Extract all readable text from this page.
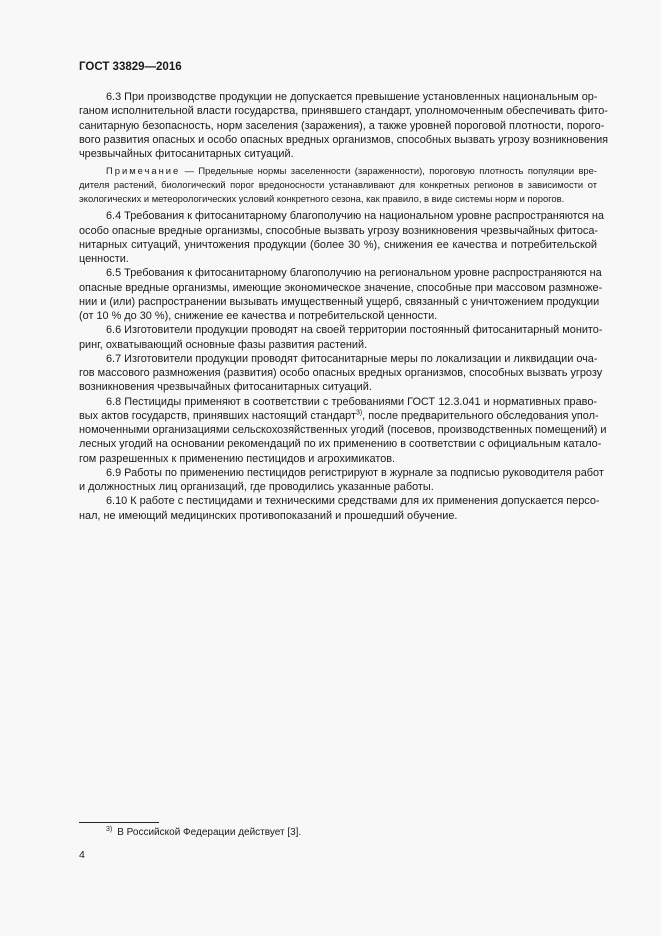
ГОСТ 33829—2016
6.3 При производстве продукции не допускается превышение установленных национальным ор-
ганом исполнительной власти государства, принявшего стандарт, уполномоченным обеспечивать фито-
санитарную безопасность, норм заселения (заражения), а также уровней пороговой плотности, порого-
вого развития опасных и особо опасных вредных организмов, способных вызвать угрозу возникновения
чрезвычайных фитосанитарных ситуаций.
Примечание — Предельные нормы заселенности (зараженности), пороговую плотность популяции вре-
дителя растений, биологический порог вредоносности устанавливают для конкретных регионов в зависимости от
экологических и метеорологических условий конкретного сезона, как правило, в виде системы норм и порогов.
6.4 Требования к фитосанитарному благополучию на национальном уровне распространяются на
особо опасные вредные организмы, способные вызвать угрозу возникновения чрезвычайных фитоса-
нитарных ситуаций, уничтожения продукции (более 30 %), снижения ее качества и потребительской
ценности.
6.5 Требования к фитосанитарному благополучию на региональном уровне распространяются на
опасные вредные организмы, имеющие экономическое значение, способные при массовом размноже-
нии и (или) распространении вызывать имущественный ущерб, связанный с уничтожением продукции
(от 10 % до 30 %), снижение ее качества и потребительской ценности.
6.6 Изготовители продукции проводят на своей территории постоянный фитосанитарный монито-
ринг, охватывающий основные фазы развития растений.
6.7 Изготовители продукции проводят фитосанитарные меры по локализации и ликвидации оча-
гов массового размножения (развития) особо опасных вредных организмов, способных вызвать угрозу
возникновения чрезвычайных фитосанитарных ситуаций.
6.8 Пестициды применяют в соответствии с требованиями ГОСТ 12.3.041 и нормативных право-
вых актов государств, принявших настоящий стандарт$^{3)}$, после предварительного обследования упол-
номоченными организациями сельскохозяйственных угодий (посевов, производственных помещений) и
лесных угодий на основании рекомендаций по их применению в соответствии с официальным катало-
гом разрешенных к применению пестицидов и агрохимикатов.
6.9 Работы по применению пестицидов регистрируют в журнале за подписью руководителя работ
и должностных лиц организаций, где проводились указанные работы.
6.10 К работе с пестицидами и техническими средствами для их применения допускается персо-
нал, не имеющий медицинских противопоказаний и прошедший обучение.
$^{3)}$ В Российской Федерации действует [3].
4
